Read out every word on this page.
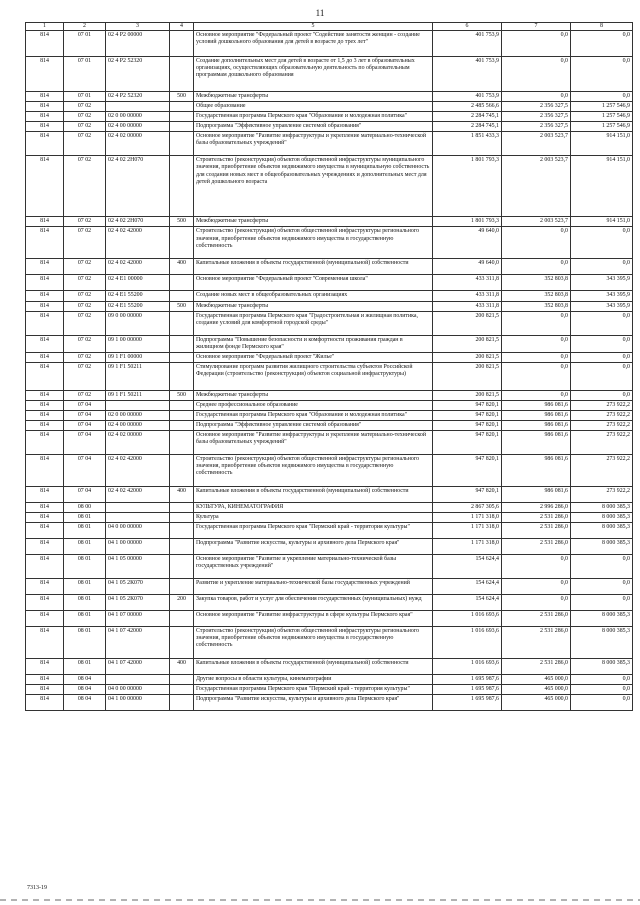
11
1	2	3	4	5	6	7	8
814	07 01	02 4 P2 00000		Основное мероприятие "Федеральный проект "Содействие занятости женщин - создание условий дошкольного образования для детей в возрасте до трех лет"	401 753,9	0,0	0,0
814	07 01	02 4 P2 52320		Создание дополнительных мест для детей в возрасте от 1,5 до 3 лет в образовательных организациях, осуществляющих образовательную деятельность по образовательным программам дошкольного образования	401 753,9	0,0	0,0
814	07 01	02 4 P2 52320	500	Межбюджетные трансферты	401 753,9	0,0	0,0
814	07 02			Общее образование	2 485 566,6	2 356 327,5	1 257 546,9
814	07 02	02 0 00 00000		Государственная программа Пермского края "Образование и молодежная политика"	2 284 745,1	2 356 327,5	1 257 546,9
814	07 02	02 4 00 00000		Подпрограмма "Эффективное управление системой образования"	2 284 745,1	2 356 327,5	1 257 546,9
814	07 02	02 4 02 00000		Основное мероприятие "Развитие инфраструктуры и укрепление материально-технической базы образовательных учреждений"	1 851 433,3	2 003 523,7	914 151,0
814	07 02	02 4 02 2Н070		Строительство (реконструкция) объектов общественной инфраструктуры муниципального значения, приобретение объектов недвижимого имущества в муниципальную собственность для создания новых мест в общеобразовательных учреждениях и дополнительных мест для детей дошкольного возраста	1 801 793,3	2 003 523,7	914 151,0
814	07 02	02 4 02 2Н070	500	Межбюджетные трансферты	1 801 793,3	2 003 523,7	914 151,0
814	07 02	02 4 02 42000		Строительство (реконструкция) объектов общественной инфраструктуры регионального значения, приобретение объектов недвижимого имущества в государственную собственность	49 640,0	0,0	0,0
814	07 02	02 4 02 42000	400	Капитальные вложения в объекты государственной (муниципальной) собственности	49 640,0	0,0	0,0
814	07 02	02 4 E1 00000		Основное мероприятие "Федеральный проект "Современная школа"	433 311,8	352 803,8	343 395,9
814	07 02	02 4 E1 55200		Создание новых мест в общеобразовательных организациях	433 311,8	352 803,8	343 395,9
814	07 02	02 4 E1 55200	500	Межбюджетные трансферты	433 311,8	352 803,8	343 395,9
814	07 02	09 0 00 00000		Государственная программа Пермского края "Градостроительная и жилищная политика, создание условий для комфортной городской среды"	200 821,5	0,0	0,0
814	07 02	09 1 00 00000		Подпрограмма "Повышение безопасности и комфортности проживания граждан в жилищном фонде Пермского края"	200 821,5	0,0	0,0
814	07 02	09 1 F1 00000		Основное мероприятие "Федеральный проект "Жилье"	200 821,5	0,0	0,0
814	07 02	09 1 F1 50211		Стимулирование программ развития жилищного строительства субъектов Российской Федерации (строительство (реконструкция) объектов социальной инфраструктуры)	200 821,5	0,0	0,0
814	07 02	09 1 F1 50211	500	Межбюджетные трансферты	200 821,5	0,0	0,0
814	07 04			Среднее профессиональное образование	947 820,1	986 081,6	273 922,2
814	07 04	02 0 00 00000		Государственная программа Пермского края "Образование и молодежная политика"	947 820,1	986 081,6	273 922,2
814	07 04	02 4 00 00000		Подпрограмма "Эффективное управление системой образования"	947 820,1	986 081,6	273 922,2
814	07 04	02 4 02 00000		Основное мероприятие "Развитие инфраструктуры и укрепление материально-технической базы образовательных учреждений"	947 820,1	986 081,6	273 922,2
814	07 04	02 4 02 42000		Строительство (реконструкция) объектов общественной инфраструктуры регионального значения, приобретение объектов недвижимого имущества в государственную собственность	947 820,1	986 081,6	273 922,2
814	07 04	02 4 02 42000	400	Капитальные вложения в объекты государственной (муниципальной) собственности	947 820,1	986 081,6	273 922,2
814	08 00			КУЛЬТУРА, КИНЕМАТОГРАФИЯ	2 867 305,6	2 996 286,0	8 000 385,3
814	08 01			Культура	1 171 318,0	2 531 286,0	8 000 385,3
814	08 01	04 0 00 00000		Государственная программа Пермского края "Пермский край - территория культуры"	1 171 318,0	2 531 286,0	8 000 385,3
814	08 01	04 1 00 00000		Подпрограмма "Развитие искусства, культуры и архивного дела Пермского края"	1 171 318,0	2 531 286,0	8 000 385,3
814	08 01	04 1 05 00000		Основное мероприятие "Развитие и укрепление материально-технической базы государственных учреждений"	154 624,4	0,0	0,0
814	08 01	04 1 05 2К070		Развитие и укрепление материально-технической базы государственных учреждений	154 624,4	0,0	0,0
814	08 01	04 1 05 2К070	200	Закупка товаров, работ и услуг для обеспечения государственных (муниципальных) нужд	154 624,4	0,0	0,0
814	08 01	04 1 07 00000		Основное мероприятие "Развитие инфраструктуры в сфере культуры Пермского края"	1 016 693,6	2 531 286,0	8 000 385,3
814	08 01	04 1 07 42000		Строительство (реконструкция) объектов общественной инфраструктуры регионального значения, приобретение объектов недвижимого имущества в государственную собственность	1 016 693,6	2 531 286,0	8 000 385,3
814	08 01	04 1 07 42000	400	Капитальные вложения в объекты государственной (муниципальной) собственности	1 016 693,6	2 531 286,0	8 000 385,3
814	08 04			Другие вопросы в области культуры, кинематографии	1 695 987,6	465 000,0	0,0
814	08 04	04 0 00 00000		Государственная программа Пермского края "Пермский край - территория культуры"	1 695 987,6	465 000,0	0,0
814	08 04	04 1 00 00000		Подпрограмма "Развитие искусства, культуры и архивного дела Пермского края"	1 695 987,6	465 000,0	0,0
7313-19
